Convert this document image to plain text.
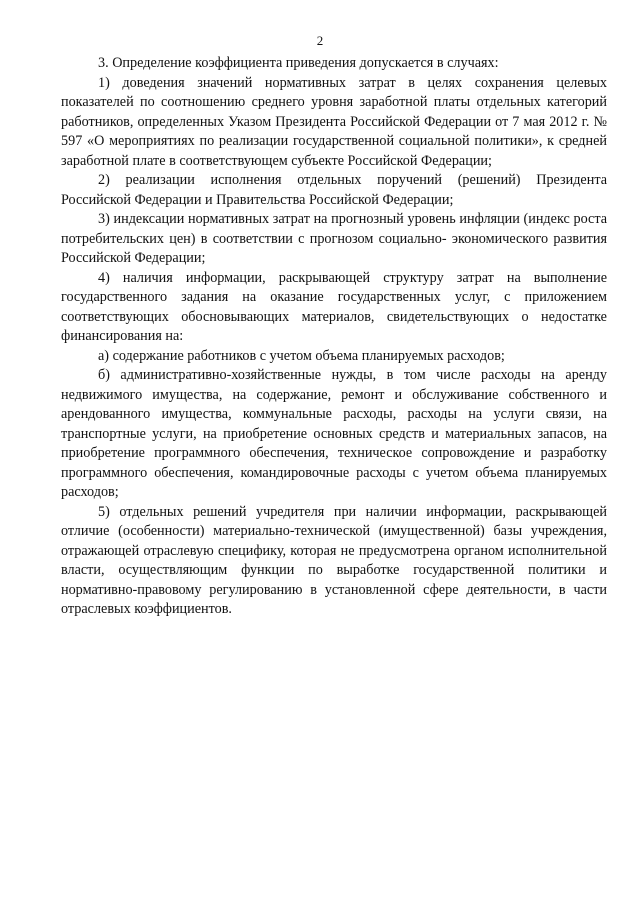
2

3. Определение коэффициента приведения допускается в случаях:

1) доведения значений нормативных затрат в целях сохранения целевых показателей по соотношению среднего уровня заработной платы отдельных категорий работников, определенных Указом Президента Российской Федерации от 7 мая 2012 г. № 597 «О мероприятиях по реализации государственной социальной политики», к средней заработной плате в соответствующем субъекте Российской Федерации;

2) реализации исполнения отдельных поручений (решений) Президента Российской Федерации и Правительства Российской Федерации;

3) индексации нормативных затрат на прогнозный уровень инфляции (индекс роста потребительских цен) в соответствии с прогнозом социально- экономического развития Российской Федерации;

4) наличия информации, раскрывающей структуру затрат на выполнение государственного задания на оказание государственных услуг, с приложением соответствующих обосновывающих материалов, свидетельствующих о недостатке финансирования на:

а) содержание работников с учетом объема планируемых расходов;

б) административно-хозяйственные нужды, в том числе расходы на аренду недвижимого имущества, на содержание, ремонт и обслуживание собственного и арендованного имущества, коммунальные расходы, расходы на услуги связи, на транспортные услуги, на приобретение основных средств и материальных запасов, на приобретение программного обеспечения, техническое сопровождение и разработку программного обеспечения, командировочные расходы с учетом объема планируемых расходов;

5) отдельных решений учредителя при наличии информации, раскрывающей отличие (особенности) материально-технической (имущественной) базы учреждения, отражающей отраслевую специфику, которая не предусмотрена органом исполнительной власти, осуществляющим функции по выработке государственной политики и нормативно-правовому регулированию в установленной сфере деятельности, в части отраслевых коэффициентов.
